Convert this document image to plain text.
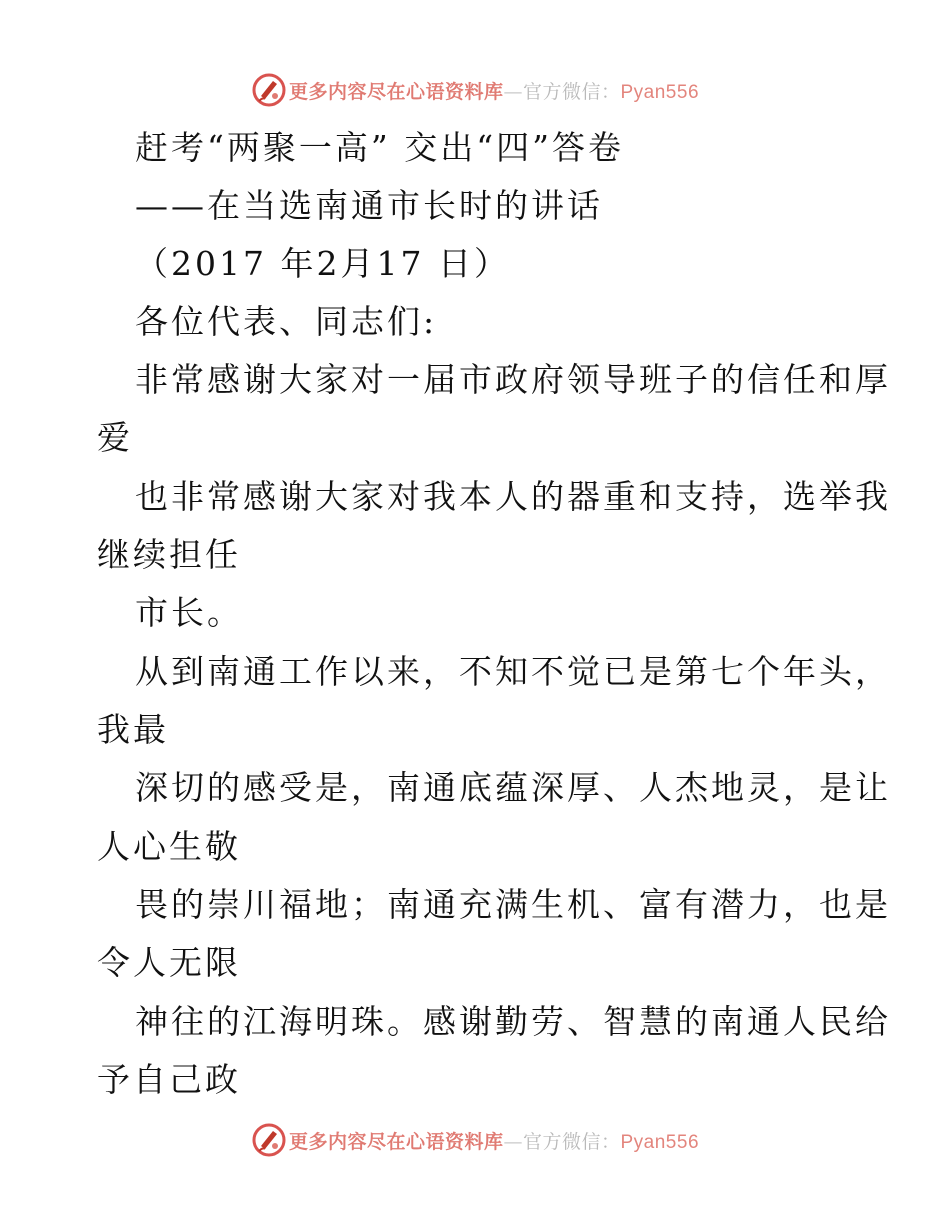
更多内容尽在心语资料库—官方微信：Pyan556
赶考“两聚一高” 交出“四”答卷
——在当选南通市长时的讲话
（2017 年2月17 日）
各位代表、同志们:
非常感谢大家对一届市政府领导班子的信任和厚
爱
也非常感谢大家对我本人的器重和支持，选举我
继续担任
市长。
从到南通工作以来，不知不觉已是第七个年头，
我最
深切的感受是，南通底蕴深厚、人杰地灵，是让
人心生敬
畏的崇川福地；南通充满生机、富有潜力，也是
令人无限
神往的江海明珠。感谢勤劳、智慧的南通人民给
予自己政
更多内容尽在心语资料库—官方微信：Pyan556
